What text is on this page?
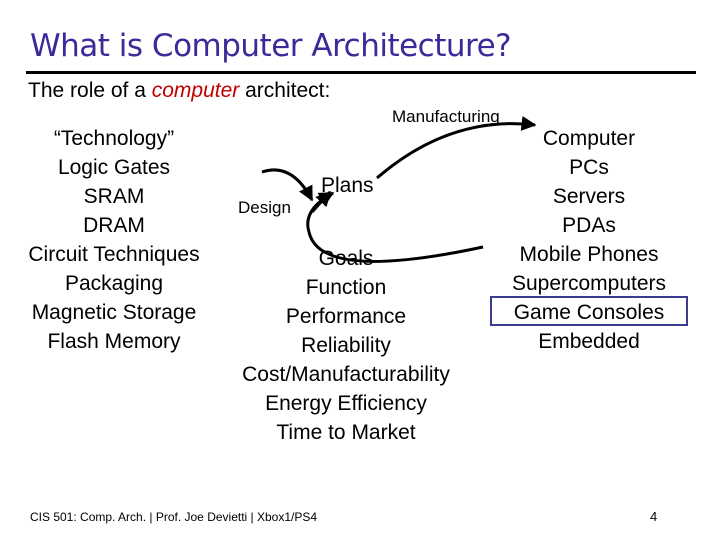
What is Computer Architecture?
The role of a computer architect:
“Technology”
Logic Gates
SRAM
DRAM
Circuit Techniques
Packaging
Magnetic Storage
Flash Memory
Goals
Function
Performance
Reliability
Cost/Manufacturability
Energy Efficiency
Time to Market
Computer
PCs
Servers
PDAs
Mobile Phones
Supercomputers
Game Consoles
Embedded
Manufacturing
Design
Plans
CIS 501: Comp. Arch. | Prof. Joe Devietti | Xbox1/PS4	4
